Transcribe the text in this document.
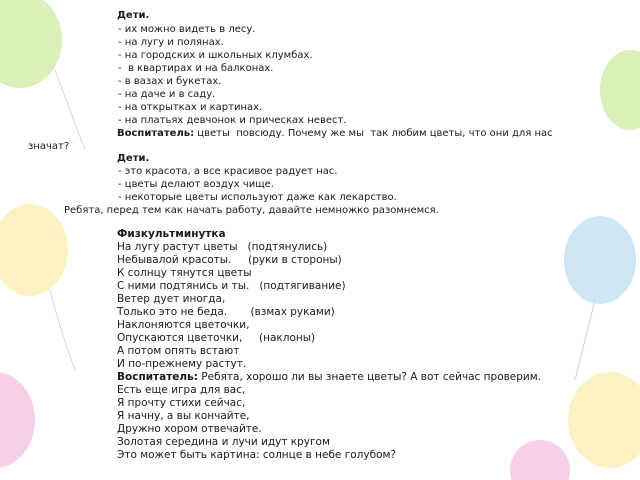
Дети.
- их можно видеть в лесу.
- на лугу и полянах.
- на городских и школьных клумбах.
-  в квартирах и на балконах.
- в вазах и букетах.
- на даче и в саду.
- на открытках и картинах.
- на платьях девчонок и прическах невест.
Воспитатель: цветы  повсюду. Почему же мы  так любим цветы, что они для нас
значат?
Дети.
- это красота, а все красивое радует нас.
- цветы делают воздух чище.
- некоторые цветы используют даже как лекарство.
Ребята, перед тем как начать работу, давайте немножко разомнемся.
Физкультминутка
На лугу растут цветы   (подтянулись)
Небывалой красоты.     (руки в стороны)
К солнцу тянутся цветы
С ними подтянись и ты.   (подтягивание)
Ветер дует иногда,
Только это не беда.       (взмах руками)
Наклоняются цветочки,
Опускаются цветочки,     (наклоны)
А потом опять встают
И по-прежнему растут.
Воспитатель: Ребята, хорошо ли вы знаете цветы? А вот сейчас проверим.
Есть еще игра для вас,
Я прочту стихи сейчас,
Я начну, а вы кончайте,
Дружно хором отвечайте.
Золотая середина и лучи идут кругом
Это может быть картина: солнце в небе голубом?
